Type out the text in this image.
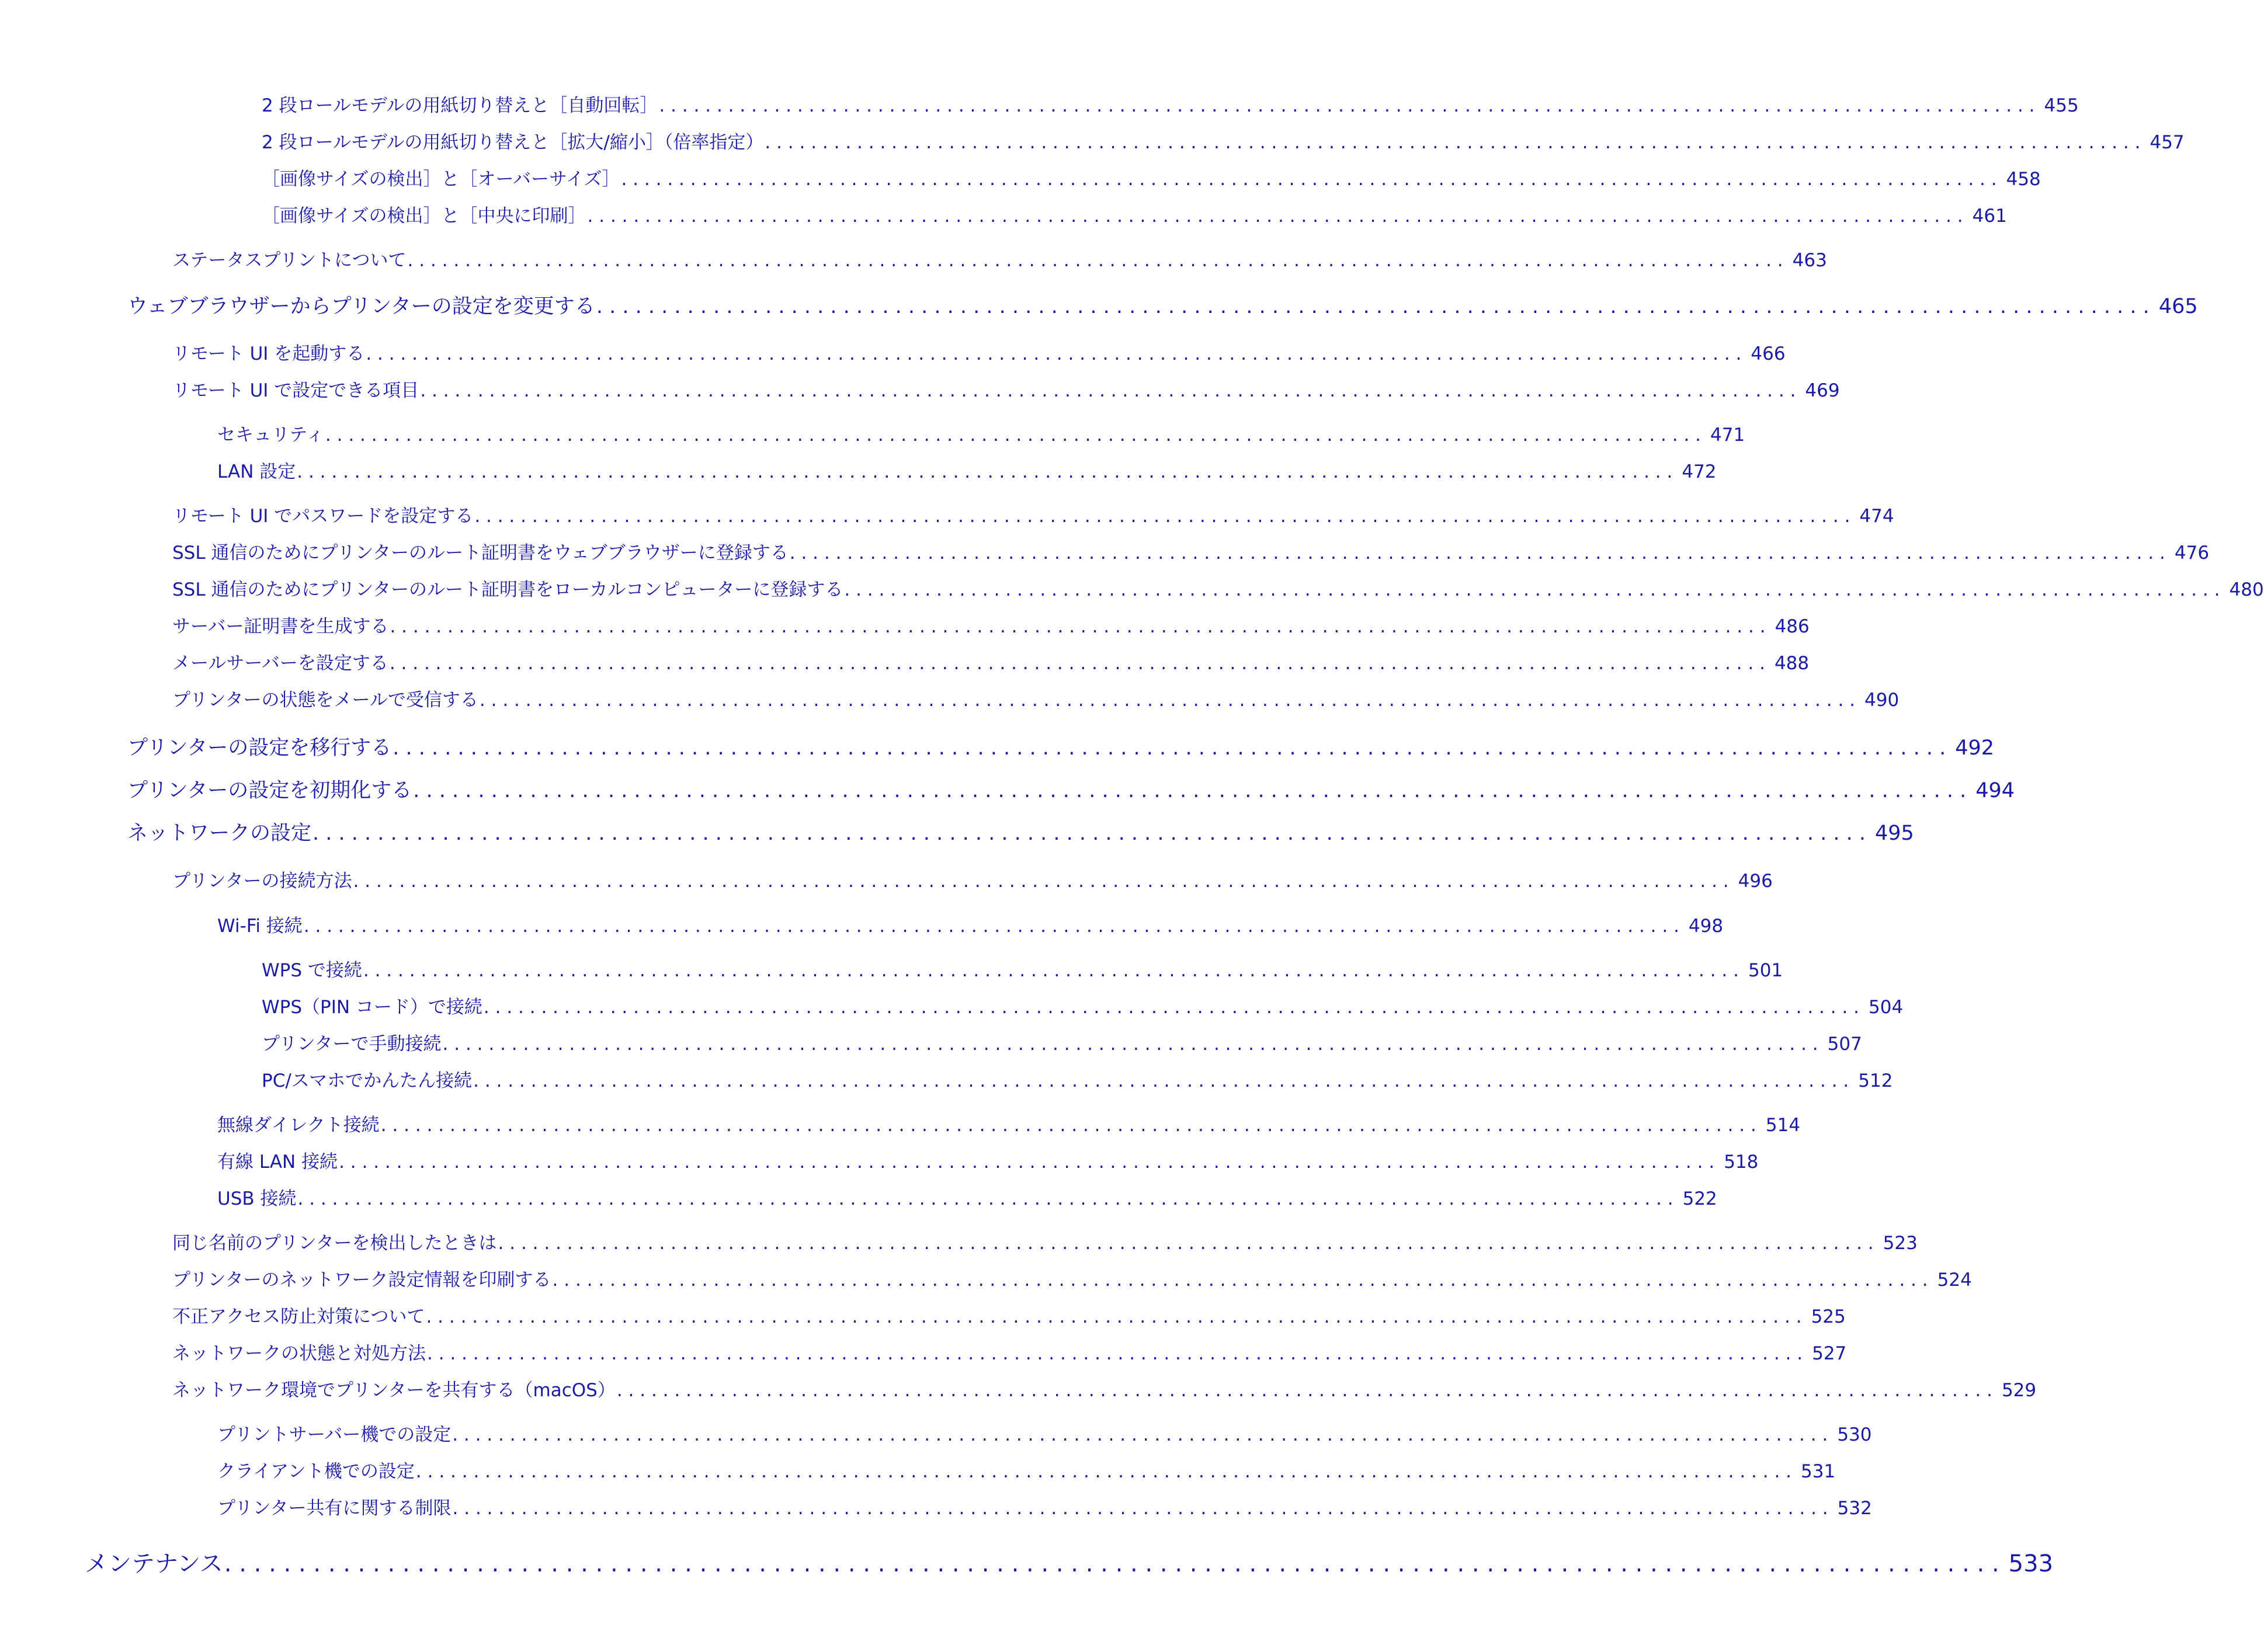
2 段ロールモデルの用紙切り替えと［自動回転］ . . . . . . . . . . . . . . . . . . . . . . . . . . . . . . . . . . . . . . . . . . . . . . . . . . . . . . . . . . . . . . . . . . . . . . . . . . . . . . . . . . . . . . . . . . . . . . . . . . . . . . . . . . . . . . . . . . . . . . . . 455
2 段ロールモデルの用紙切り替えと［拡大/縮小］（倍率指定） . . . . . . . . . . . . . . . . . . . . . . . . . . . . . . . . . . . . . . . . . . . . . . . . . . . . . . . . . . . . . . . . . . . . . . . . . . . . . . . . . . . . . . . . . . . . . . . . . . . . . . . . . . . . . . . . . . . . . . . . 457
［画像サイズの検出］と［オーバーサイズ］ . . . . . . . . . . . . . . . . . . . . . . . . . . . . . . . . . . . . . . . . . . . . . . . . . . . . . . . . . . . . . . . . . . . . . . . . . . . . . . . . . . . . . . . . . . . . . . . . . . . . . . . . . . . . . . . . . . . . . . . . 458
［画像サイズの検出］と［中央に印刷］ . . . . . . . . . . . . . . . . . . . . . . . . . . . . . . . . . . . . . . . . . . . . . . . . . . . . . . . . . . . . . . . . . . . . . . . . . . . . . . . . . . . . . . . . . . . . . . . . . . . . . . . . . . . . . . . . . . . . . . . . 461
ステータスプリントについて . . . . . . . . . . . . . . . . . . . . . . . . . . . . . . . . . . . . . . . . . . . . . . . . . . . . . . . . . . . . . . . . . . . . . . . . . . . . . . . . . . . . . . . . . . . . . . . . . . . . . . . . . . . . . . . . . . . . . . . . 463
ウェブブラウザーからプリンターの設定を変更する . . . . . . . . . . . . . . . . . . . . . . . . . . . . . . . . . . . . . . . . . . . . . . . . . . . . . . . . . . . . . . . . . . . . . . . . . . . . . . . . . . . . . . . . . . . . . . . . . . . . . . . . . . . . . . . . . . . . . . . . 465
リモート UI を起動する . . . . . . . . . . . . . . . . . . . . . . . . . . . . . . . . . . . . . . . . . . . . . . . . . . . . . . . . . . . . . . . . . . . . . . . . . . . . . . . . . . . . . . . . . . . . . . . . . . . . . . . . . . . . . . . . . . . . . . . . 466
リモート UI で設定できる項目 . . . . . . . . . . . . . . . . . . . . . . . . . . . . . . . . . . . . . . . . . . . . . . . . . . . . . . . . . . . . . . . . . . . . . . . . . . . . . . . . . . . . . . . . . . . . . . . . . . . . . . . . . . . . . . . . . . . . . . . . 469
セキュリティ . . . . . . . . . . . . . . . . . . . . . . . . . . . . . . . . . . . . . . . . . . . . . . . . . . . . . . . . . . . . . . . . . . . . . . . . . . . . . . . . . . . . . . . . . . . . . . . . . . . . . . . . . . . . . . . . . . . . . . . . 471
LAN 設定 . . . . . . . . . . . . . . . . . . . . . . . . . . . . . . . . . . . . . . . . . . . . . . . . . . . . . . . . . . . . . . . . . . . . . . . . . . . . . . . . . . . . . . . . . . . . . . . . . . . . . . . . . . . . . . . . . . . . . . . . 472
リモート UI でパスワードを設定する . . . . . . . . . . . . . . . . . . . . . . . . . . . . . . . . . . . . . . . . . . . . . . . . . . . . . . . . . . . . . . . . . . . . . . . . . . . . . . . . . . . . . . . . . . . . . . . . . . . . . . . . . . . . . . . . . . . . . . . . 474
SSL 通信のためにプリンターのルート証明書をウェブブラウザーに登録する . . . . . . . . . . . . . . . . . . . . . . . . . . . . . . . . . . . . . . . . . . . . . . . . . . . . . . . . . . . . . . . . . . . . . . . . . . . . . . . . . . . . . . . . . . . . . . . . . . . . . . . . . . . . . . . . . . . . . . . . 476
SSL 通信のためにプリンターのルート証明書をローカルコンピューターに登録する . . . . . . . . . . . . . . . . . . . . . . . . . . . . . . . . . . . . . . . . . . . . . . . . . . . . . . . . . . . . . . . . . . . . . . . . . . . . . . . . . . . . . . . . . . . . . . . . . . . . . . . . . . . . . . . . . . . . . . . . 480
サーバー証明書を生成する . . . . . . . . . . . . . . . . . . . . . . . . . . . . . . . . . . . . . . . . . . . . . . . . . . . . . . . . . . . . . . . . . . . . . . . . . . . . . . . . . . . . . . . . . . . . . . . . . . . . . . . . . . . . . . . . . . . . . . . . 486
メールサーバーを設定する . . . . . . . . . . . . . . . . . . . . . . . . . . . . . . . . . . . . . . . . . . . . . . . . . . . . . . . . . . . . . . . . . . . . . . . . . . . . . . . . . . . . . . . . . . . . . . . . . . . . . . . . . . . . . . . . . . . . . . . . 488
プリンターの状態をメールで受信する . . . . . . . . . . . . . . . . . . . . . . . . . . . . . . . . . . . . . . . . . . . . . . . . . . . . . . . . . . . . . . . . . . . . . . . . . . . . . . . . . . . . . . . . . . . . . . . . . . . . . . . . . . . . . . . . . . . . . . . . 490
プリンターの設定を移行する . . . . . . . . . . . . . . . . . . . . . . . . . . . . . . . . . . . . . . . . . . . . . . . . . . . . . . . . . . . . . . . . . . . . . . . . . . . . . . . . . . . . . . . . . . . . . . . . . . . . . . . . . . . . . . . . . . . . . . . . 492
プリンターの設定を初期化する . . . . . . . . . . . . . . . . . . . . . . . . . . . . . . . . . . . . . . . . . . . . . . . . . . . . . . . . . . . . . . . . . . . . . . . . . . . . . . . . . . . . . . . . . . . . . . . . . . . . . . . . . . . . . . . . . . . . . . . . 494
ネットワークの設定 . . . . . . . . . . . . . . . . . . . . . . . . . . . . . . . . . . . . . . . . . . . . . . . . . . . . . . . . . . . . . . . . . . . . . . . . . . . . . . . . . . . . . . . . . . . . . . . . . . . . . . . . . . . . . . . . . . . . . . . . 495
プリンターの接続方法 . . . . . . . . . . . . . . . . . . . . . . . . . . . . . . . . . . . . . . . . . . . . . . . . . . . . . . . . . . . . . . . . . . . . . . . . . . . . . . . . . . . . . . . . . . . . . . . . . . . . . . . . . . . . . . . . . . . . . . . . 496
Wi-Fi 接続 . . . . . . . . . . . . . . . . . . . . . . . . . . . . . . . . . . . . . . . . . . . . . . . . . . . . . . . . . . . . . . . . . . . . . . . . . . . . . . . . . . . . . . . . . . . . . . . . . . . . . . . . . . . . . . . . . . . . . . . . 498
WPS で接続 . . . . . . . . . . . . . . . . . . . . . . . . . . . . . . . . . . . . . . . . . . . . . . . . . . . . . . . . . . . . . . . . . . . . . . . . . . . . . . . . . . . . . . . . . . . . . . . . . . . . . . . . . . . . . . . . . . . . . . . . 501
WPS（PIN コード）で接続 . . . . . . . . . . . . . . . . . . . . . . . . . . . . . . . . . . . . . . . . . . . . . . . . . . . . . . . . . . . . . . . . . . . . . . . . . . . . . . . . . . . . . . . . . . . . . . . . . . . . . . . . . . . . . . . . . . . . . . . . 504
プリンターで手動接続 . . . . . . . . . . . . . . . . . . . . . . . . . . . . . . . . . . . . . . . . . . . . . . . . . . . . . . . . . . . . . . . . . . . . . . . . . . . . . . . . . . . . . . . . . . . . . . . . . . . . . . . . . . . . . . . . . . . . . . . . 507
PC/スマホでかんたん接続 . . . . . . . . . . . . . . . . . . . . . . . . . . . . . . . . . . . . . . . . . . . . . . . . . . . . . . . . . . . . . . . . . . . . . . . . . . . . . . . . . . . . . . . . . . . . . . . . . . . . . . . . . . . . . . . . . . . . . . . . 512
無線ダイレクト接続 . . . . . . . . . . . . . . . . . . . . . . . . . . . . . . . . . . . . . . . . . . . . . . . . . . . . . . . . . . . . . . . . . . . . . . . . . . . . . . . . . . . . . . . . . . . . . . . . . . . . . . . . . . . . . . . . . . . . . . . . 514
有線 LAN 接続 . . . . . . . . . . . . . . . . . . . . . . . . . . . . . . . . . . . . . . . . . . . . . . . . . . . . . . . . . . . . . . . . . . . . . . . . . . . . . . . . . . . . . . . . . . . . . . . . . . . . . . . . . . . . . . . . . . . . . . . . 518
USB 接続 . . . . . . . . . . . . . . . . . . . . . . . . . . . . . . . . . . . . . . . . . . . . . . . . . . . . . . . . . . . . . . . . . . . . . . . . . . . . . . . . . . . . . . . . . . . . . . . . . . . . . . . . . . . . . . . . . . . . . . . . 522
同じ名前のプリンターを検出したときは . . . . . . . . . . . . . . . . . . . . . . . . . . . . . . . . . . . . . . . . . . . . . . . . . . . . . . . . . . . . . . . . . . . . . . . . . . . . . . . . . . . . . . . . . . . . . . . . . . . . . . . . . . . . . . . . . . . . . . . . 523
プリンターのネットワーク設定情報を印刷する . . . . . . . . . . . . . . . . . . . . . . . . . . . . . . . . . . . . . . . . . . . . . . . . . . . . . . . . . . . . . . . . . . . . . . . . . . . . . . . . . . . . . . . . . . . . . . . . . . . . . . . . . . . . . . . . . . . . . . . . 524
不正アクセス防止対策について . . . . . . . . . . . . . . . . . . . . . . . . . . . . . . . . . . . . . . . . . . . . . . . . . . . . . . . . . . . . . . . . . . . . . . . . . . . . . . . . . . . . . . . . . . . . . . . . . . . . . . . . . . . . . . . . . . . . . . . . 525
ネットワークの状態と対処方法 . . . . . . . . . . . . . . . . . . . . . . . . . . . . . . . . . . . . . . . . . . . . . . . . . . . . . . . . . . . . . . . . . . . . . . . . . . . . . . . . . . . . . . . . . . . . . . . . . . . . . . . . . . . . . . . . . . . . . . . . 527
ネットワーク環境でプリンターを共有する（macOS） . . . . . . . . . . . . . . . . . . . . . . . . . . . . . . . . . . . . . . . . . . . . . . . . . . . . . . . . . . . . . . . . . . . . . . . . . . . . . . . . . . . . . . . . . . . . . . . . . . . . . . . . . . . . . . . . . . . . . . . . 529
プリントサーバー機での設定 . . . . . . . . . . . . . . . . . . . . . . . . . . . . . . . . . . . . . . . . . . . . . . . . . . . . . . . . . . . . . . . . . . . . . . . . . . . . . . . . . . . . . . . . . . . . . . . . . . . . . . . . . . . . . . . . . . . . . . . . 530
クライアント機での設定 . . . . . . . . . . . . . . . . . . . . . . . . . . . . . . . . . . . . . . . . . . . . . . . . . . . . . . . . . . . . . . . . . . . . . . . . . . . . . . . . . . . . . . . . . . . . . . . . . . . . . . . . . . . . . . . . . . . . . . . . 531
プリンター共有に関する制限 . . . . . . . . . . . . . . . . . . . . . . . . . . . . . . . . . . . . . . . . . . . . . . . . . . . . . . . . . . . . . . . . . . . . . . . . . . . . . . . . . . . . . . . . . . . . . . . . . . . . . . . . . . . . . . . . . . . . . . . . 532
メンテナンス . . . . . . . . . . . . . . . . . . . . . . . . . . . . . . . . . . . . . . . . . . . . . . . . . . . . . . . . . . . . . . . . . . . . . . . . . . . . . . . . . . . . . . . . . . . . . . . . . . . . . . . . . . . . . . . . . . . . . . . . 533
